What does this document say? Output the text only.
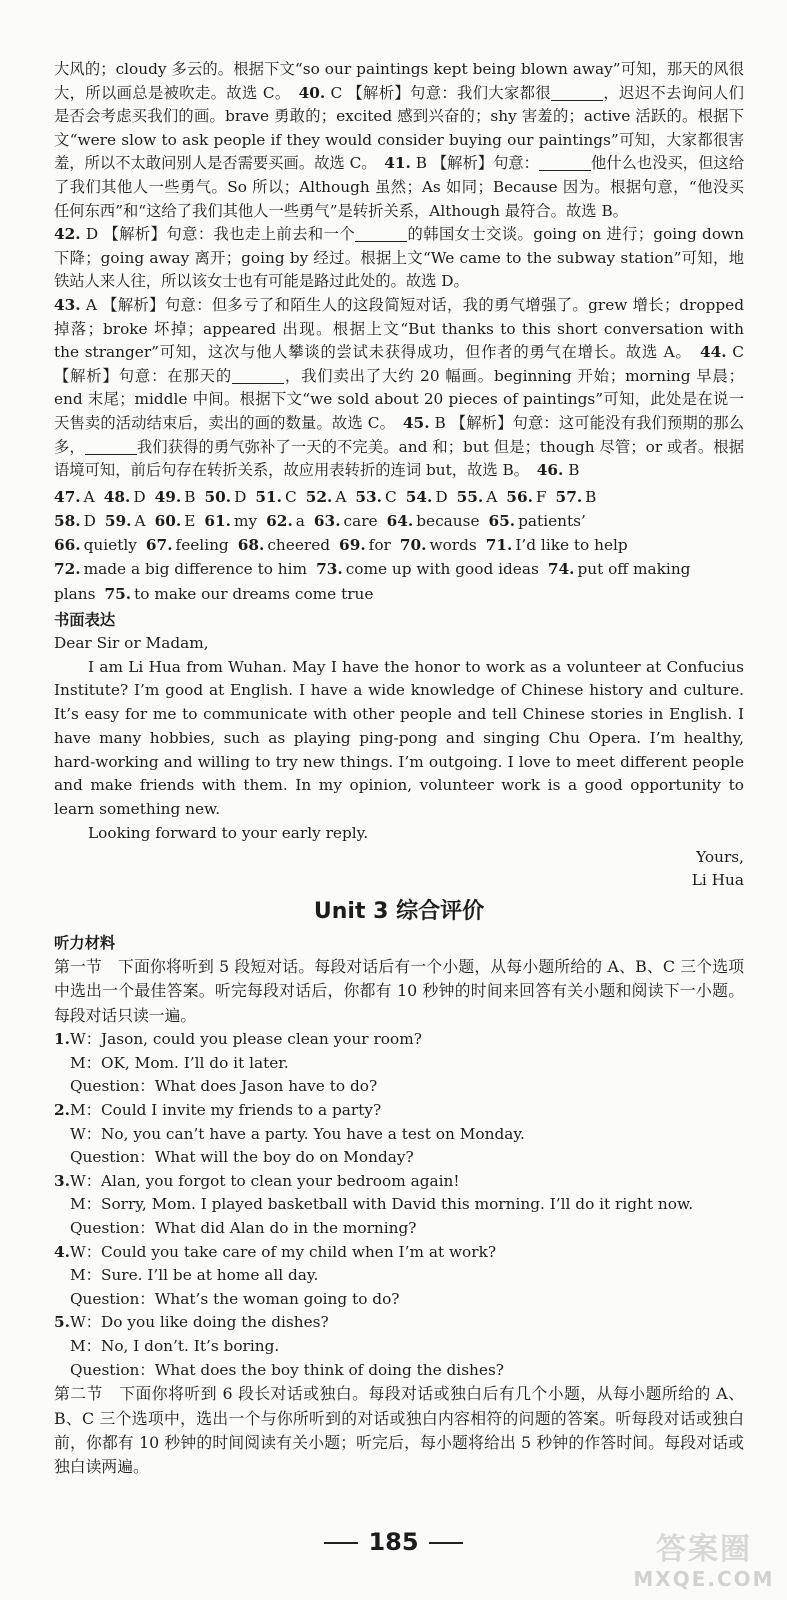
大风的；cloudy 多云的。根据下文“so our paintings kept being blown away”可知，那天的风很大，所以画总是被吹走。故选 C。　 40. C 【解析】句意：我们大家都很	，迟迟不去询问人们是否会考虑买我们的画。brave 勇敢的；excited 感到兴奋的；shy 害羞的；active 活跃的。根据下文“were slow to ask people if they would consider buying our paintings”可知，大家都很害羞，所以不太敢问别人是否需要买画。故选 C。　 41. B 【解析】句意：	他什么也没买，但这给了我们其他人一些勇气。So 所以；Although 虽然；As 如同；Because 因为。根据句意，“他没买任何东西”和“这给了我们其他人一些勇气”是转折关系，Although 最符合。故选 B。
42. D 【解析】句意：我也走上前去和一个	的韩国女士交谈。going on 进行；going down 下降；going away 离开；going by 经过。根据上文“We came to the subway station”可知，地铁站人来人往，所以该女士也有可能是路过此处的。故选 D。
43. A 【解析】句意：但多亏了和陌生人的这段简短对话，我的勇气增强了。grew 增长；dropped 掉落；broke 坏掉；appeared 出现。根据上文“But thanks to this short conversation with the stranger”可知，这次与他人攀谈的尝试未获得成功，但作者的勇气在增长。故选 A。　 44. C 【解析】句意：在那天的	，我们卖出了大约 20 幅画。beginning 开始；morning 早晨；end 末尾；middle 中间。根据下文“we sold about 20 pieces of paintings”可知，此处是在说一天售卖的活动结束后，卖出的画的数量。故选 C。　 45. B 【解析】句意：这可能没有我们预期的那么多，	我们获得的勇气弥补了一天的不完美。and 和；but 但是；though 尽管；or 或者。根据语境可知，前后句存在转折关系，故应用表转折的连词 but，故选 B。　 46. B

47. A 48. D 49. B 50. D 51. C 52. A 53. C 54. D 55. A 56. F 57. B
58. D 59. A 60. E 61. my 62. a 63. care 64. because 65. patients’
66. quietly 67. feeling 68. cheered 69. for 70. words 71. I’d like to help
72. made a big difference to him 73. come up with good ideas 74. put off making
plans 75. to make our dreams come true
书面表达

Dear Sir or Madam,

I am Li Hua from Wuhan. May I have the honor to work as a volunteer at Confucius Institute? I’m good at English. I have a wide knowledge of Chinese history and culture. It’s easy for me to communicate with other people and tell Chinese stories in English. I have many hobbies, such as playing ping-pong and singing Chu Opera. I’m healthy, hard-working and willing to try new things. I’m outgoing. I love to meet different people and make friends with them. In my opinion, volunteer work is a good opportunity to learn something new.

Looking forward to your early reply.

Yours,
Li Hua
Unit 3 综合评价
听力材料

第一节　下面你将听到 5 段短对话。每段对话后有一个小题，从每小题所给的 A、B、C 三个选项中选出一个最佳答案。听完每段对话后，你都有 10 秒钟的时间来回答有关小题和阅读下一小题。每段对话只读一遍。

1.W：Jason, could you please clean your room?
M：OK, Mom. I’ll do it later.
Question：What does Jason have to do?
2.M：Could I invite my friends to a party?
W：No, you can’t have a party. You have a test on Monday.
Question：What will the boy do on Monday?
3.W：Alan, you forgot to clean your bedroom again!
M：Sorry, Mom. I played basketball with David this morning. I’ll do it right now.
Question：What did Alan do in the morning?
4.W：Could you take care of my child when I’m at work?
M：Sure. I’ll be at home all day.
Question：What’s the woman going to do?
5.W：Do you like doing the dishes?
M：No, I don’t. It’s boring.
Question：What does the boy think of doing the dishes?

第二节　下面你将听到 6 段长对话或独白。每段对话或独白后有几个小题，从每小题所给的 A、B、C 三个选项中，选出一个与你所听到的对话或独白内容相符的问题的答案。听每段对话或独白前，你都有 10 秒钟的时间阅读有关小题；听完后，每小题将给出 5 秒钟的作答时间。每段对话或独白读两遍。

185	答案圈
MXQE.COM
